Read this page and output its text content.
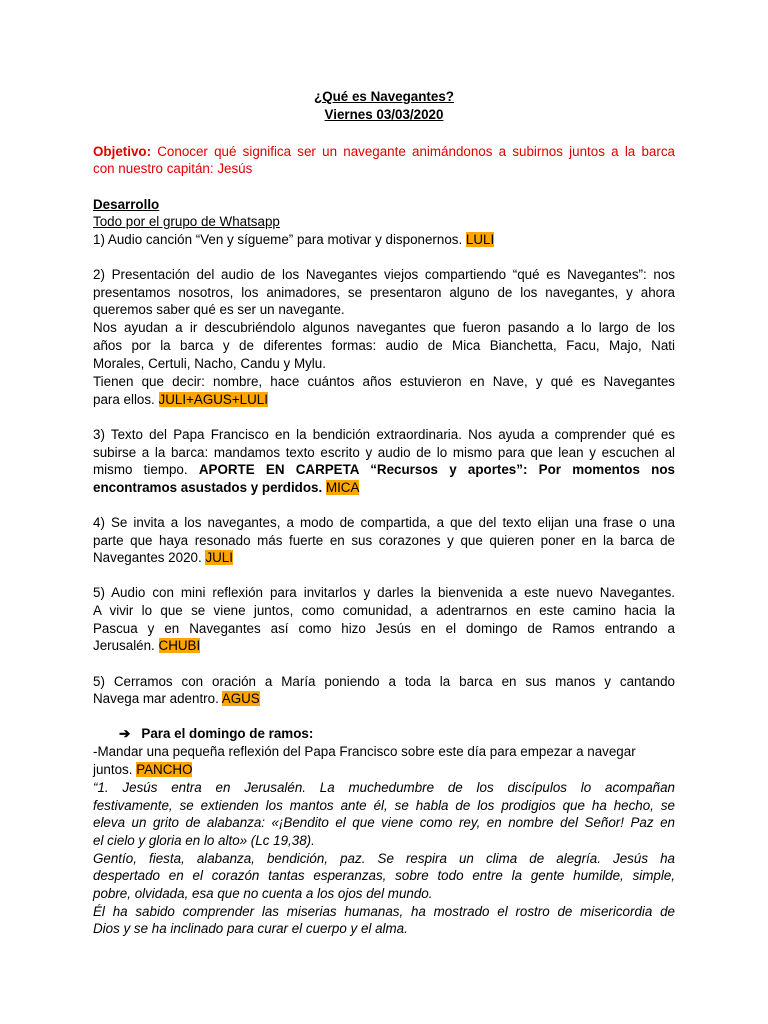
¿Qué es Navegantes?
Viernes 03/03/2020
Objetivo: Conocer qué significa ser un navegante animándonos a subirnos juntos a la barca
con nuestro capitán: Jesús
Desarrollo
Todo por el grupo de Whatsapp
1) Audio canción “Ven y sígueme” para motivar y disponernos. LULI
2) Presentación del audio de los Navegantes viejos compartiendo “qué es Navegantes”: nos
presentamos nosotros, los animadores, se presentaron alguno de los navegantes, y ahora
queremos saber qué es ser un navegante.
Nos ayudan a ir descubriéndolo algunos navegantes que fueron pasando a lo largo de los
años por la barca y de diferentes formas: audio de Mica Bianchetta, Facu, Majo, Nati
Morales, Certuli, Nacho, Candu y Mylu.
Tienen que decir: nombre, hace cuántos años estuvieron en Nave, y qué es Navegantes
para ellos. JULI+AGUS+LULI
3) Texto del Papa Francisco en la bendición extraordinaria. Nos ayuda a comprender qué es
subirse a la barca: mandamos texto escrito y audio de lo mismo para que lean y escuchen al
mismo tiempo. APORTE EN CARPETA “Recursos y aportes”: Por momentos nos
encontramos asustados y perdidos. MICA
4) Se invita a los navegantes, a modo de compartida, a que del texto elijan una frase o una
parte que haya resonado más fuerte en sus corazones y que quieren poner en la barca de
Navegantes 2020. JULI
5) Audio con mini reflexión para invitarlos y darles la bienvenida a este nuevo Navegantes.
A vivir lo que se viene juntos, como comunidad, a adentrarnos en este camino hacia la
Pascua y en Navegantes así como hizo Jesús en el domingo de Ramos entrando a
Jerusalén. CHUBI
5) Cerramos con oración a María poniendo a toda la barca en sus manos y cantando
Navega mar adentro. AGUS
➔ Para el domingo de ramos:
-Mandar una pequeña reflexión del Papa Francisco sobre este día para empezar a navegar
juntos. PANCHO
“1. Jesús entra en Jerusalén. La muchedumbre de los discípulos lo acompañan
festivamente, se extienden los mantos ante él, se habla de los prodigios que ha hecho, se
eleva un grito de alabanza: «¡Bendito el que viene como rey, en nombre del Señor! Paz en
el cielo y gloria en lo alto» (Lc 19,38).
Gentío, fiesta, alabanza, bendición, paz. Se respira un clima de alegría. Jesús ha
despertado en el corazón tantas esperanzas, sobre todo entre la gente humilde, simple,
pobre, olvidada, esa que no cuenta a los ojos del mundo.
Él ha sabido comprender las miserias humanas, ha mostrado el rostro de misericordia de
Dios y se ha inclinado para curar el cuerpo y el alma.
